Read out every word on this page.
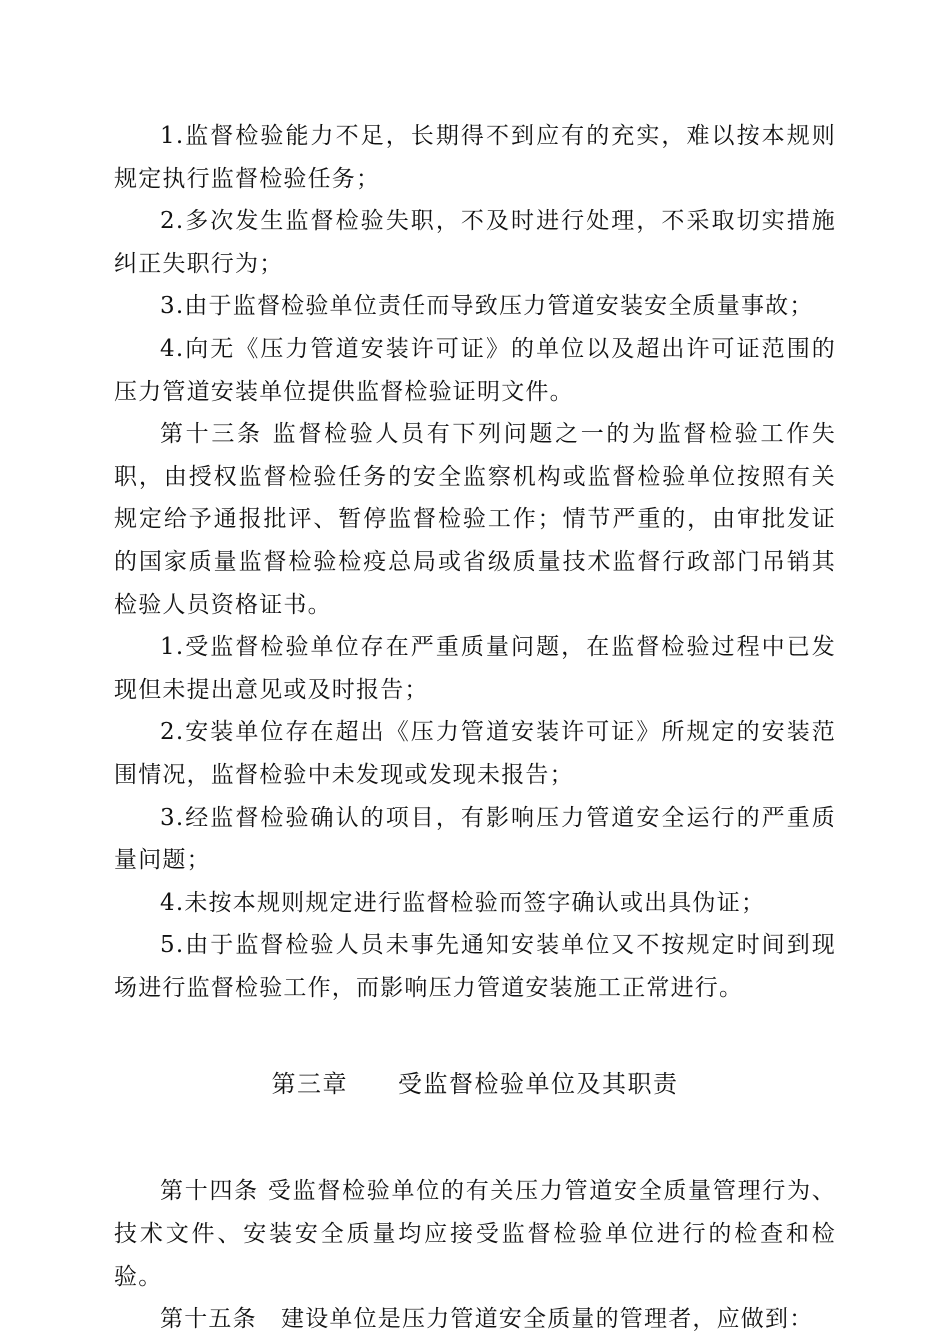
1.监督检验能力不足，长期得不到应有的充实，难以按本规则规定执行监督检验任务；

2.多次发生监督检验失职，不及时进行处理，不采取切实措施纠正失职行为；

3.由于监督检验单位责任而导致压力管道安装安全质量事故；

4.向无《压力管道安装许可证》的单位以及超出许可证范围的压力管道安装单位提供监督检验证明文件。

第十三条 监督检验人员有下列问题之一的为监督检验工作失职，由授权监督检验任务的安全监察机构或监督检验单位按照有关规定给予通报批评、暂停监督检验工作；情节严重的，由审批发证的国家质量监督检验检疫总局或省级质量技术监督行政部门吊销其检验人员资格证书。

1.受监督检验单位存在严重质量问题，在监督检验过程中已发现但未提出意见或及时报告；

2.安装单位存在超出《压力管道安装许可证》所规定的安装范围情况，监督检验中未发现或发现未报告；

3.经监督检验确认的项目，有影响压力管道安全运行的严重质量问题；

4.未按本规则规定进行监督检验而签字确认或出具伪证；

5.由于监督检验人员未事先通知安装单位又不按规定时间到现场进行监督检验工作，而影响压力管道安装施工正常进行。

第三章 受监督检验单位及其职责

第十四条 受监督检验单位的有关压力管道安全质量管理行为、技术文件、安装安全质量均应接受监督检验单位进行的检查和检验。

第十五条　建设单位是压力管道安全质量的管理者，应做到：
